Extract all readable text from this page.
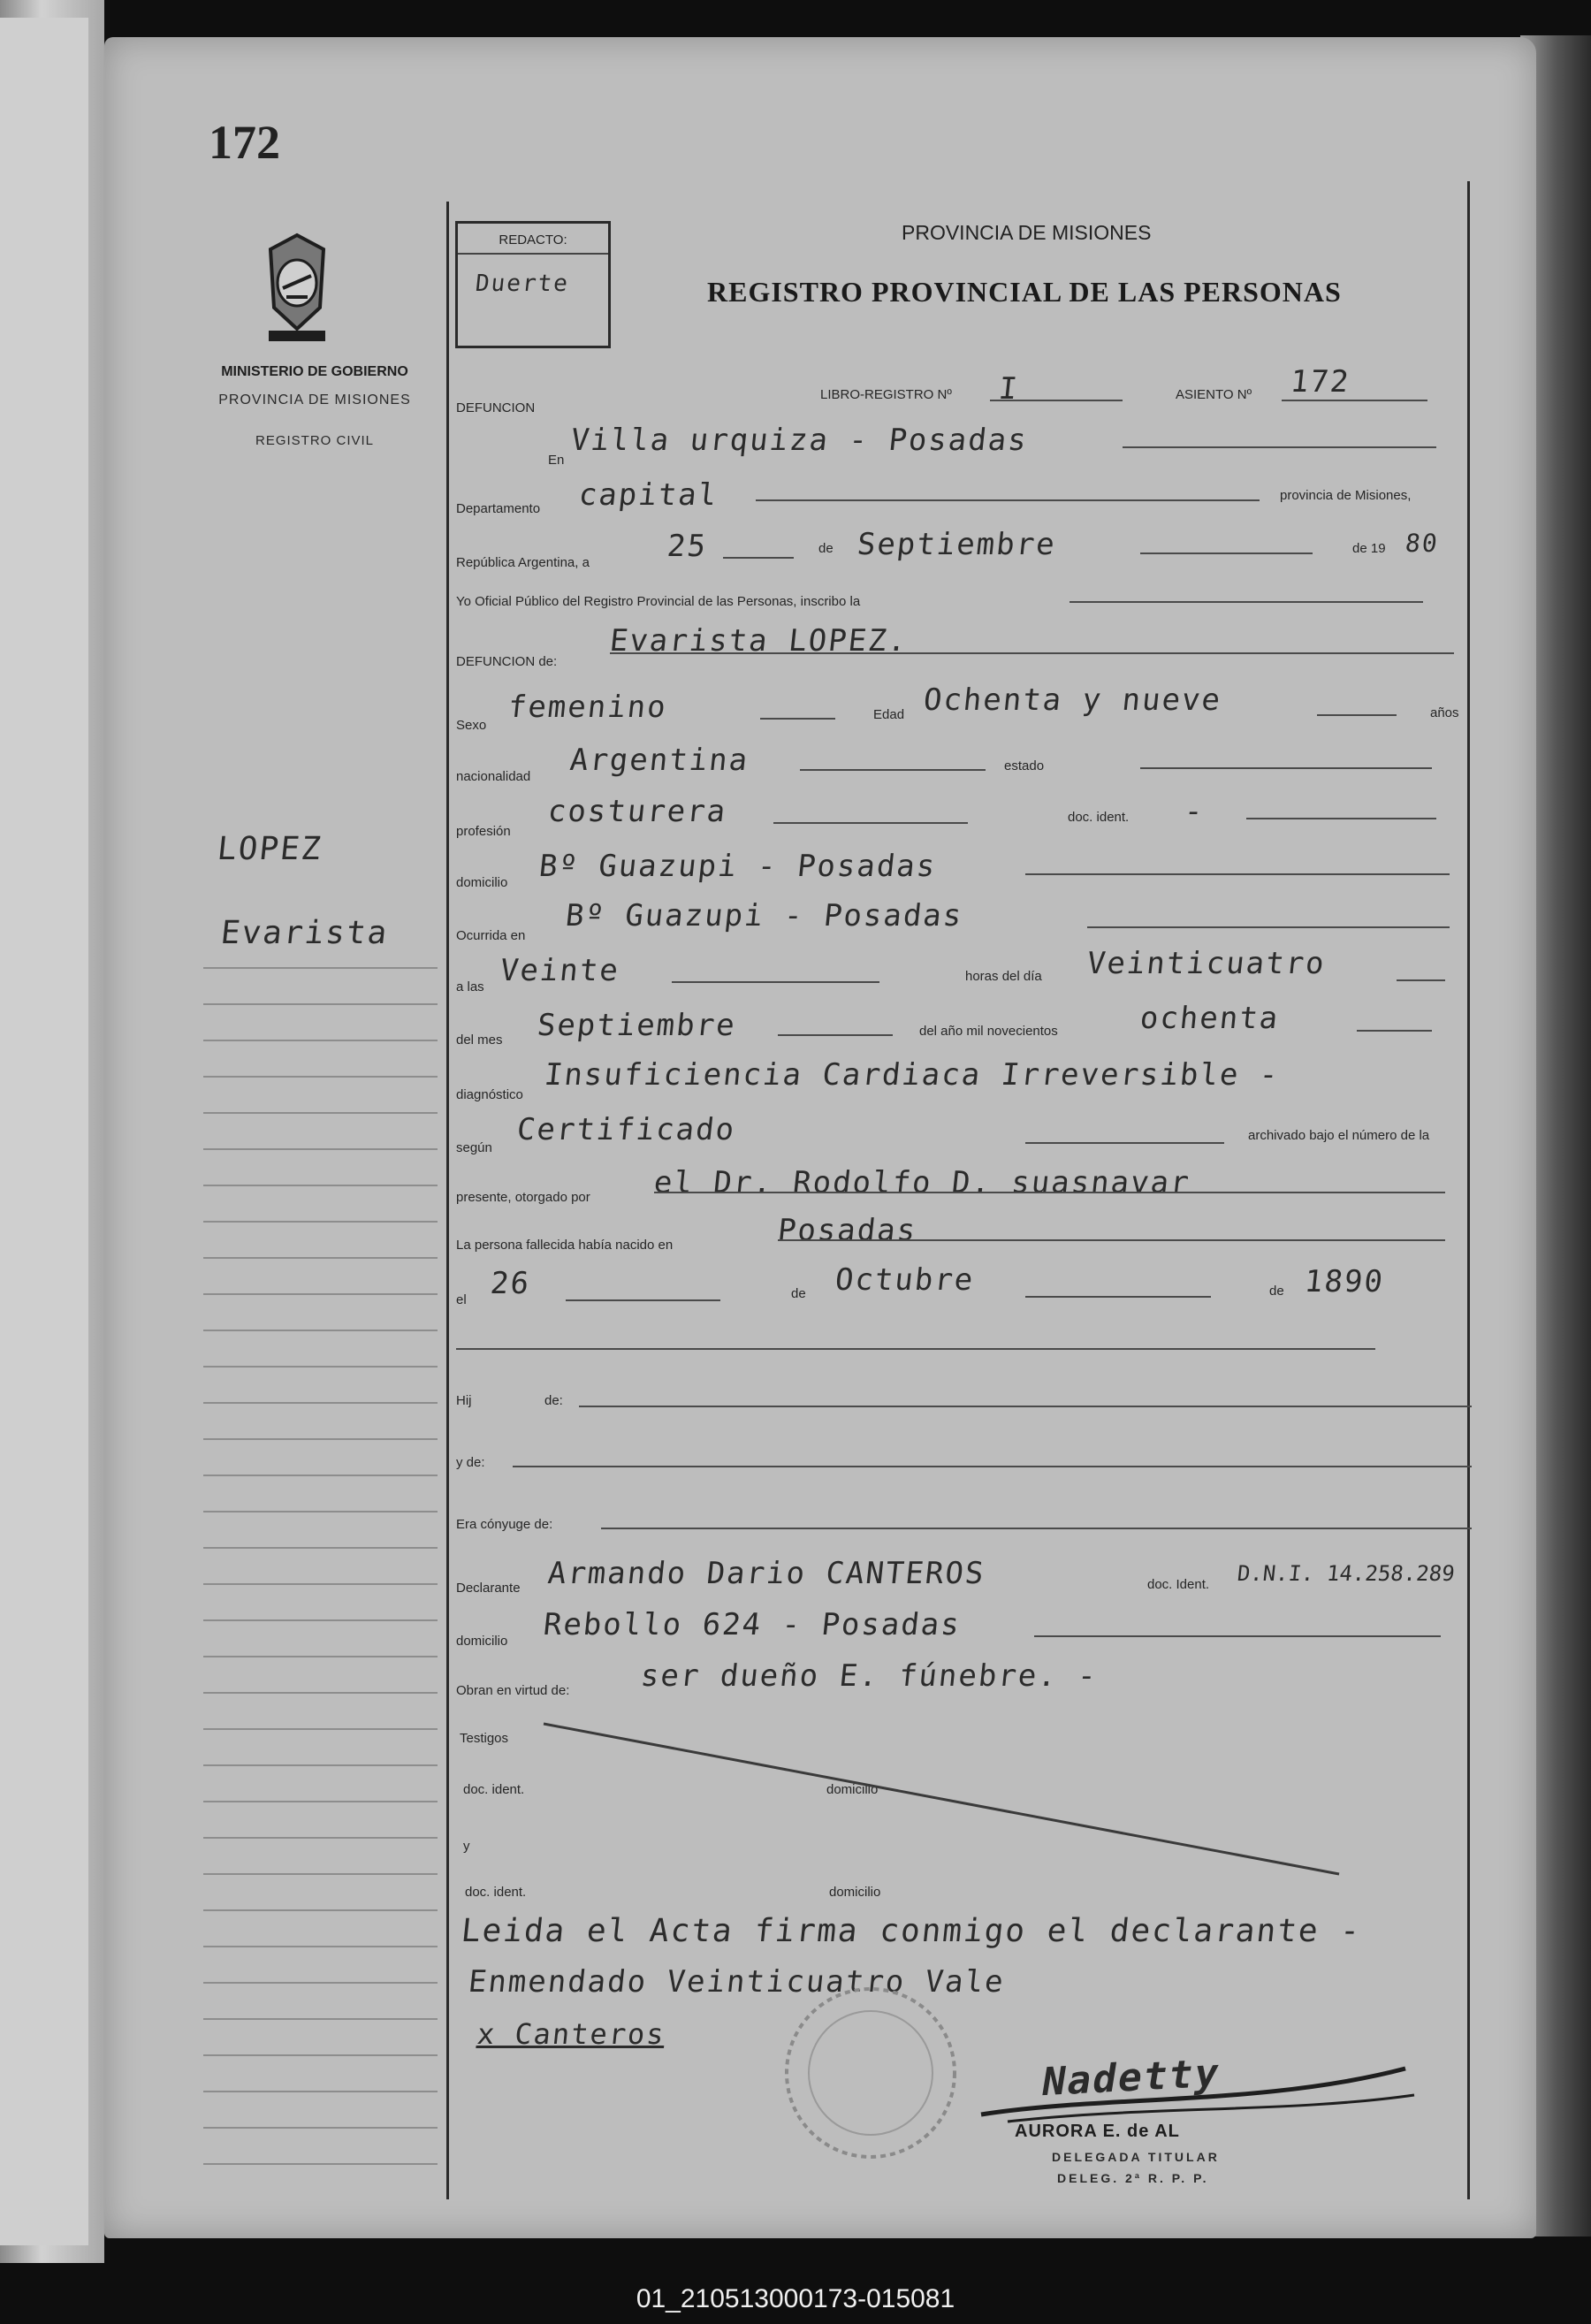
172
MINISTERIO DE GOBIERNO
PROVINCIA DE MISIONES
REGISTRO CIVIL
LOPEZ
REDACTO:
Duerte
PROVINCIA DE MISIONES
REGISTRO PROVINCIAL DE LAS PERSONAS
DEFUNCION
LIBRO-REGISTRO Nº I	ASIENTO Nº 172
En
Villa urquiza - Posadas
Departamento capital	provincia de Misiones,
República Argentina, a	25	de Septiembre	de 19 80
Yo Oficial Público del Registro Provincial de las Personas, inscribo la
DEFUNCION de:
Evarista LOPEZ.
Sexo
femenino	Edad Ochenta y nueve	años
nacionalidad Argentina	estado
profesión
costurera	doc. ident. -
domicilio Bº Guazupi - Posadas
Ocurrida en
Bº Guazupi - Posadas
a las Veinte	horas del día Veinticuatro
del mes Septiembre	del año mil novecientos	ochenta
diagnóstico
Insuficiencia Cardiaca Irreversible -
según
Certificado	archivado bajo el número de la
presente, otorgado por el Dr. Rodolfo D. suasnavar
La persona fallecida había nacido en	Posadas
el 26	de Octubre	de 1890
Hij	de:
y de:
Era cónyuge de:
Declarante Armando Dario CANTEROS	doc. Ident. D.N.I. 14.258.289
domicilio Rebollo 624 - Posadas
Obran en virtud de: ser dueño E. fúnebre. -
Testigos
doc. ident.	domicilio
y
doc. ident.	domicilio
Leida el Acta firma conmigo el declarante -
Enmendado Veinticuatro Vale
x Canteros
Nadetty
AURORA E. de AL
DELEGADA TITULAR
DELEG. 2ª R. P. P.
01_210513000173-015081
